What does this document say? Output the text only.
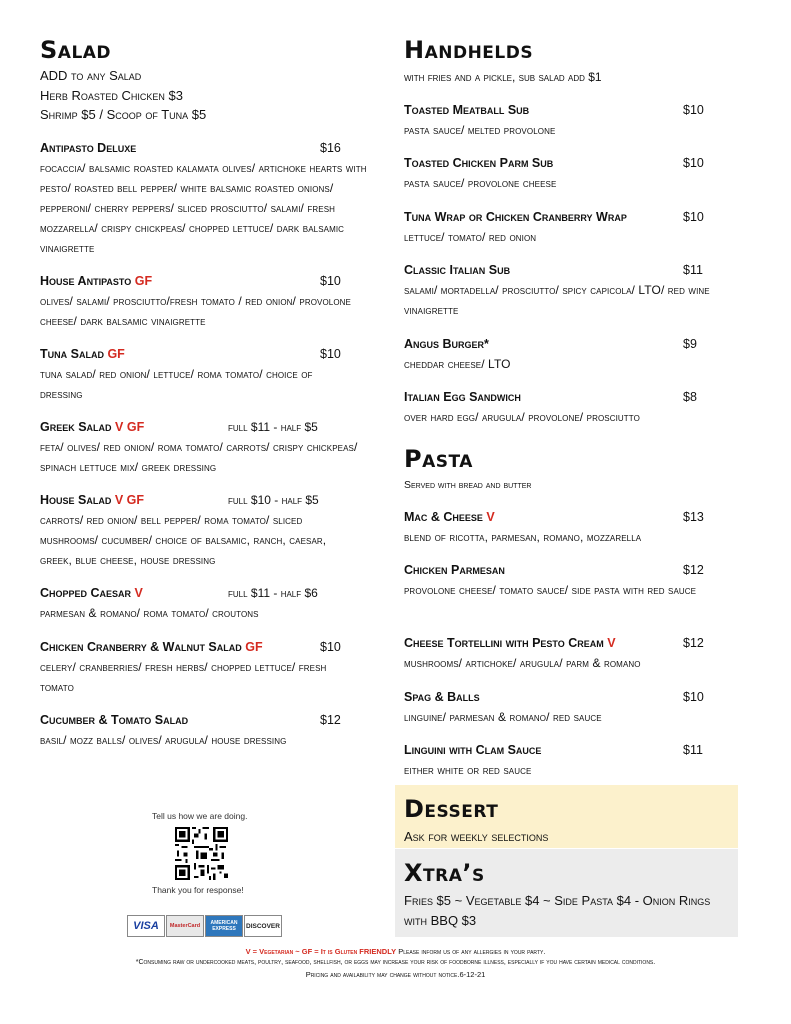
Salad
ADD to any Salad
Herb Roasted Chicken $3
Shrimp $5 / Scoop of Tuna $5
Antipasto Deluxe	$16
focaccia/ balsamic roasted kalamata olives/ artichoke hearts with pesto/ roasted bell pepper/ white balsamic roasted onions/ pepperoni/ cherry peppers/ sliced prosciutto/ salami/ fresh mozzarella/ crispy chickpeas/ chopped lettuce/ dark balsamic vinaigrette
House Antipasto GF	$10
olives/ salami/ prosciutto/fresh tomato / red onion/ provolone cheese/ dark balsamic vinaigrette
Tuna Salad GF	$10
tuna salad/ red onion/ lettuce/ roma tomato/ choice of dressing
Greek Salad V GF	full $11 - half $5
feta/ olives/ red onion/ roma tomato/ carrots/ crispy chickpeas/ spinach lettuce mix/ greek dressing
House Salad V GF	full $10 - half $5
carrots/ red onion/ bell pepper/ roma tomato/ sliced mushrooms/ cucumber/ choice of balsamic, ranch, caesar, greek, blue cheese, house dressing
Chopped Caesar V	full $11 - half $6
parmesan & romano/ roma tomato/ croutons
Chicken Cranberry & Walnut Salad GF	$10
celery/ cranberries/ fresh herbs/ chopped lettuce/ fresh tomato
Cucumber & Tomato Salad	$12
basil/ mozz balls/ olives/ arugula/ house dressing
Handhelds
with fries and a pickle, sub salad add $1
Toasted Meatball Sub	$10
pasta sauce/ melted provolone
Toasted Chicken Parm Sub	$10
pasta sauce/ provolone cheese
Tuna Wrap or Chicken Cranberry Wrap	$10
lettuce/ tomato/ red onion
Classic Italian Sub	$11
salami/ mortadella/ prosciutto/ spicy capicola/ LTO/ red wine vinaigrette
Angus Burger*	$9
cheddar cheese/ LTO
Italian Egg Sandwich	$8
over hard egg/ arugula/ provolone/ prosciutto
Pasta
Served with bread and butter
Mac & Cheese V	$13
blend of ricotta, parmesan, romano, mozzarella
Chicken Parmesan	$12
provolone cheese/ tomato sauce/ side pasta with red sauce
Cheese Tortellini with Pesto Cream V	$12
mushrooms/ artichoke/ arugula/ parm & romano
Spag & Balls	$10
linguine/ parmesan & romano/ red sauce
Linguini with Clam Sauce	$11
either white or red sauce
Dessert
Ask for weekly selections
Xtra’s
Fries $5 ~ Vegetable $4 ~ Side Pasta $4 - Onion Rings
with BBQ $3
Tell us how we are doing.
Thank you for response!
VISA	MasterCard	AMERICAN EXPRESS	DISCOVER
V = Vegetarian ~ GF = It is Gluten FRIENDLY Please inform us of any allergies in your party.
*Consuming raw or undercooked meats, poultry, seafood, shellfish, or eggs may increase your risk of foodborne illness, especially if you have certain medical conditions.
Pricing and availability may change without notice.6-12-21
